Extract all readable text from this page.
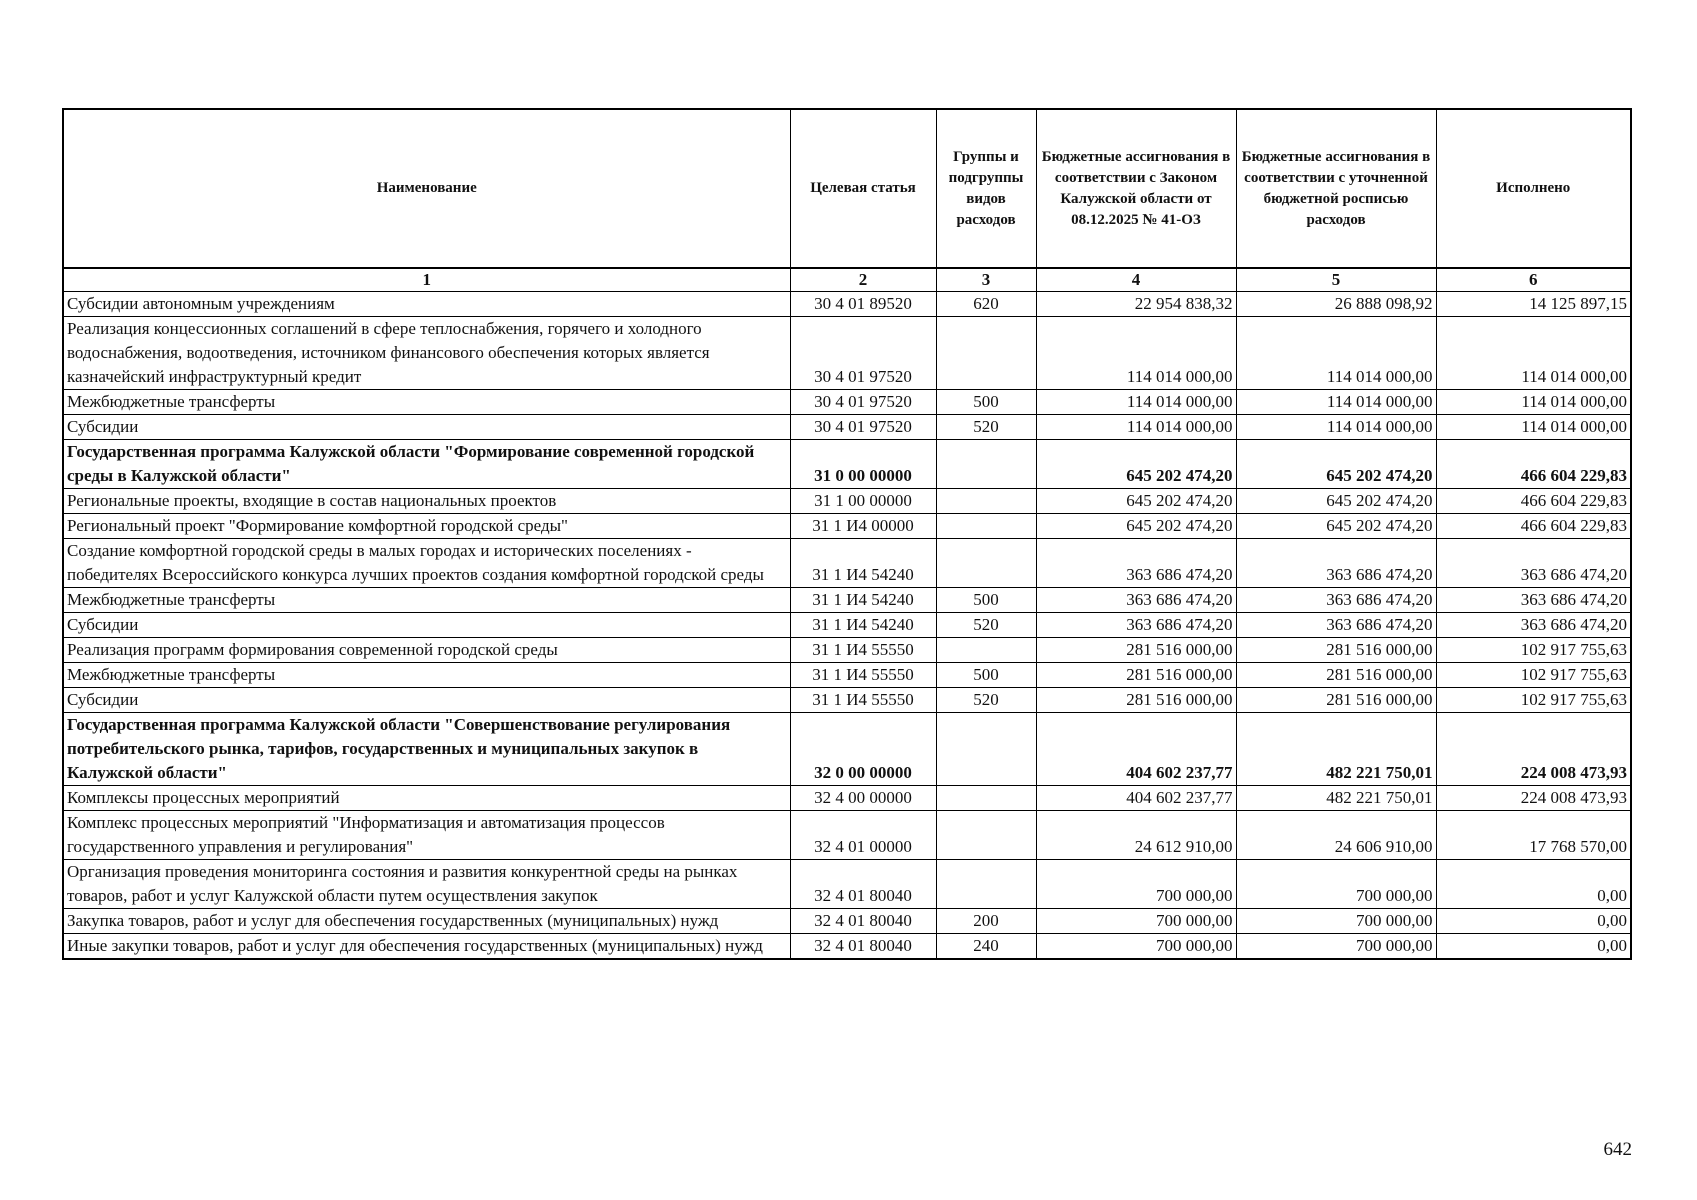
Наименование	Целевая статья	Группы и подгруппы видов расходов	Бюджетные ассигнования в соответствии с Законом Калужской области от 08.12.2025 № 41-ОЗ	Бюджетные ассигнования в соответствии с уточненной бюджетной росписью расходов	Исполнено
1	2	3	4	5	6
Субсидии автономным учреждениям	30 4 01 89520	620	22 954 838,32	26 888 098,92	14 125 897,15
Реализация концессионных соглашений в сфере теплоснабжения, горячего и холодного водоснабжения, водоотведения, источником финансового обеспечения которых является казначейский инфраструктурный кредит	30 4 01 97520		114 014 000,00	114 014 000,00	114 014 000,00
Межбюджетные трансферты	30 4 01 97520	500	114 014 000,00	114 014 000,00	114 014 000,00
Субсидии	30 4 01 97520	520	114 014 000,00	114 014 000,00	114 014 000,00
Государственная программа Калужской области "Формирование современной городской среды в Калужской области"	31 0 00 00000		645 202 474,20	645 202 474,20	466 604 229,83
Региональные проекты, входящие в состав национальных проектов	31 1 00 00000		645 202 474,20	645 202 474,20	466 604 229,83
Региональный проект "Формирование комфортной городской среды"	31 1 И4 00000		645 202 474,20	645 202 474,20	466 604 229,83
Создание комфортной городской среды в малых городах и исторических поселениях - победителях Всероссийского конкурса лучших проектов создания комфортной городской среды	31 1 И4 54240		363 686 474,20	363 686 474,20	363 686 474,20
Межбюджетные трансферты	31 1 И4 54240	500	363 686 474,20	363 686 474,20	363 686 474,20
Субсидии	31 1 И4 54240	520	363 686 474,20	363 686 474,20	363 686 474,20
Реализация программ формирования современной городской среды	31 1 И4 55550		281 516 000,00	281 516 000,00	102 917 755,63
Межбюджетные трансферты	31 1 И4 55550	500	281 516 000,00	281 516 000,00	102 917 755,63
Субсидии	31 1 И4 55550	520	281 516 000,00	281 516 000,00	102 917 755,63
Государственная программа Калужской области "Совершенствование регулирования потребительского рынка, тарифов, государственных и муниципальных закупок в Калужской области"	32 0 00 00000		404 602 237,77	482 221 750,01	224 008 473,93
Комплексы процессных мероприятий	32 4 00 00000		404 602 237,77	482 221 750,01	224 008 473,93
Комплекс процессных мероприятий "Информатизация и автоматизация процессов государственного управления и регулирования"	32 4 01 00000		24 612 910,00	24 606 910,00	17 768 570,00
Организация проведения мониторинга состояния и развития конкурентной среды на рынках товаров, работ и услуг Калужской области путем осуществления закупок	32 4 01 80040		700 000,00	700 000,00	0,00
Закупка товаров, работ и услуг для обеспечения государственных (муниципальных) нужд	32 4 01 80040	200	700 000,00	700 000,00	0,00
Иные закупки товаров, работ и услуг для обеспечения государственных (муниципальных) нужд	32 4 01 80040	240	700 000,00	700 000,00	0,00
642
